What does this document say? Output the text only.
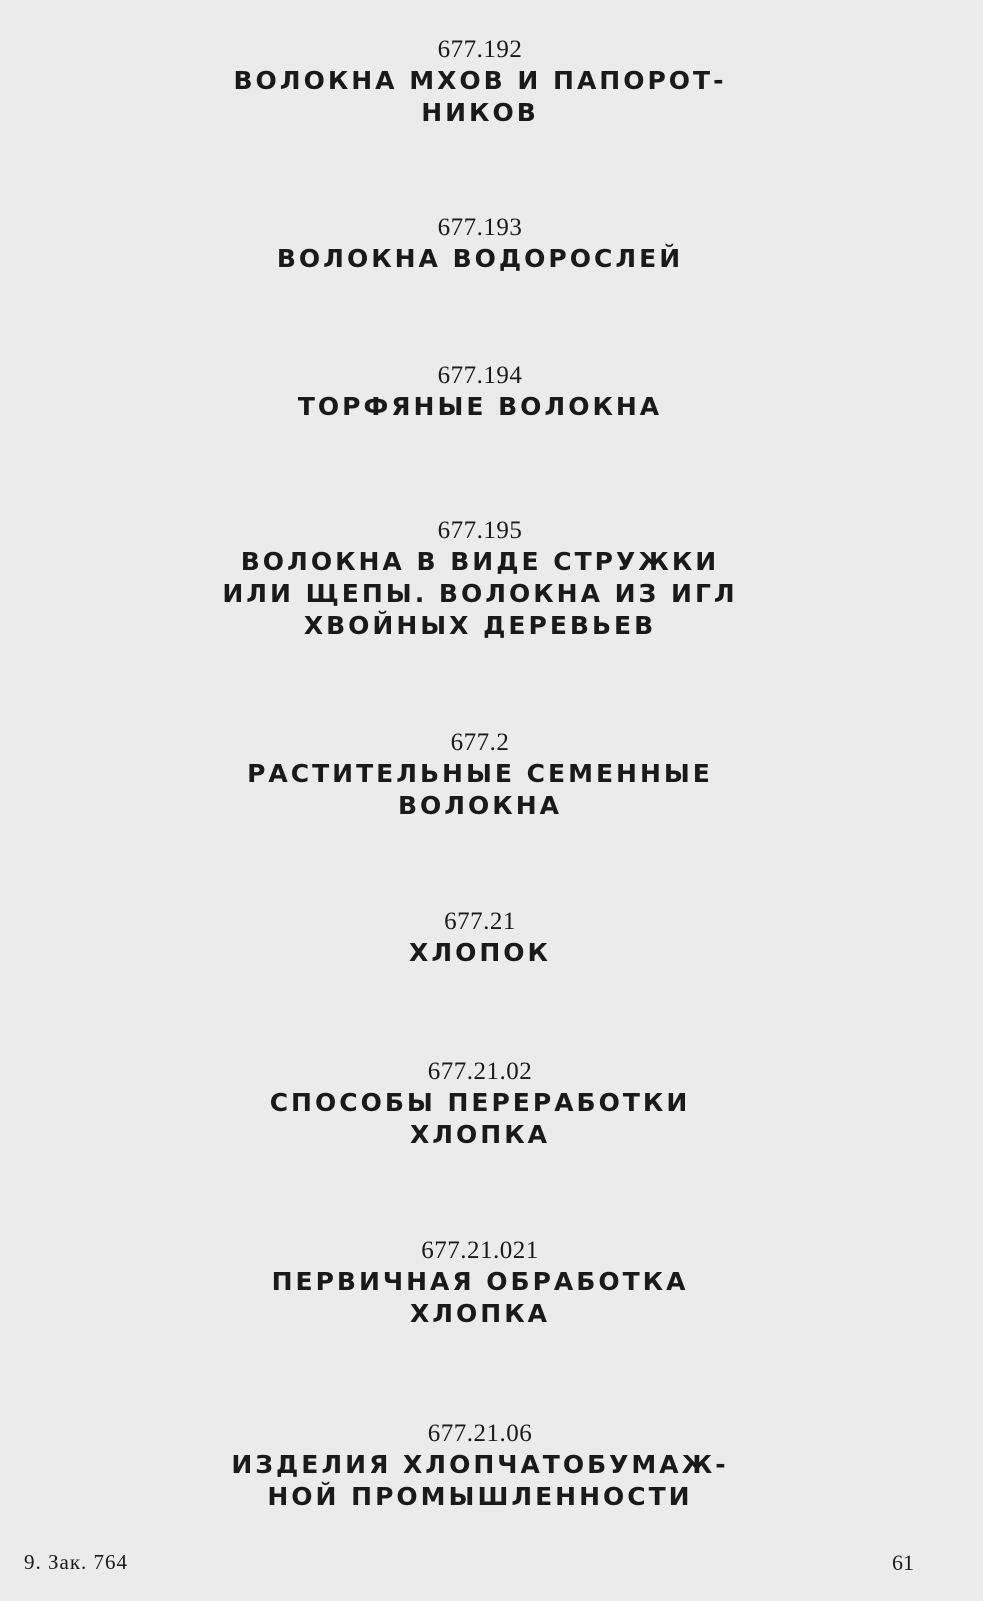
677.192
ВОЛОКНА МХОВ И ПАПОРОТ-
НИКОВ
677.193
ВОЛОКНА ВОДОРОСЛЕЙ
677.194
ТОРФЯНЫЕ ВОЛОКНА
677.195
ВОЛОКНА В ВИДЕ СТРУЖКИ
ИЛИ ЩЕПЫ. ВОЛОКНА ИЗ ИГЛ
ХВОЙНЫХ ДЕРЕВЬЕВ
677.2
РАСТИТЕЛЬНЫЕ СЕМЕННЫЕ
ВОЛОКНА
677.21
ХЛОПОК
677.21.02
СПОСОБЫ ПЕРЕРАБОТКИ
ХЛОПКА
677.21.021
ПЕРВИЧНАЯ ОБРАБОТКА
ХЛОПКА
677.21.06
ИЗДЕЛИЯ ХЛОПЧАТОБУМАЖ-
НОЙ ПРОМЫШЛЕННОСТИ
9. Зак. 764	61
